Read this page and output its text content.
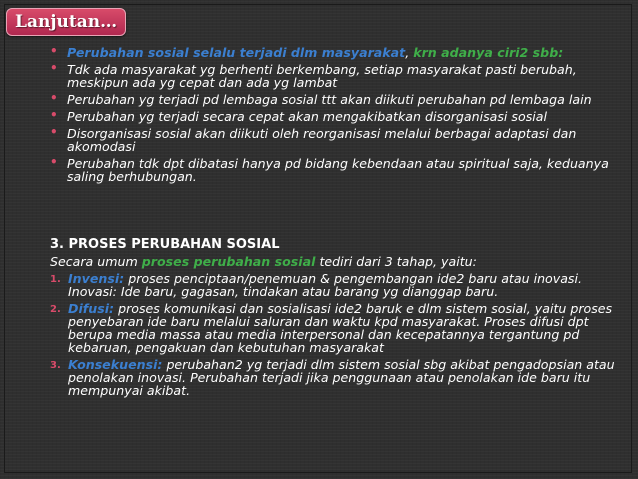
Lanjutan…
• Perubahan sosial selalu terjadi dlm masyarakat, krn adanya ciri2 sbb:
• Tdk ada masyarakat yg berhenti berkembang, setiap masyarakat pasti berubah, meskipun ada yg cepat dan ada yg lambat
• Perubahan yg terjadi pd lembaga sosial ttt akan diikuti perubahan pd lembaga lain
• Perubahan yg terjadi secara cepat akan mengakibatkan disorganisasi sosial
• Disorganisasi sosial akan diikuti oleh reorganisasi melalui berbagai adaptasi dan akomodasi
• Perubahan tdk dpt dibatasi hanya pd bidang kebendaan atau spiritual saja, keduanya saling berhubungan.
3. PROSES PERUBAHAN SOSIAL
Secara umum proses perubahan sosial tediri dari 3 tahap, yaitu:
1. Invensi: proses penciptaan/penemuan & pengembangan ide2 baru atau inovasi. Inovasi: Ide baru, gagasan, tindakan atau barang yg dianggap baru.
2. Difusi: proses komunikasi dan sosialisasi ide2 baruk e dlm sistem sosial, yaitu proses penyebaran ide baru melalui saluran dan waktu kpd masyarakat. Proses difusi dpt berupa media massa atau media interpersonal dan kecepatannya tergantung pd kebaruan, pengakuan dan kebutuhan masyarakat
3. Konsekuensi: perubahan2 yg terjadi dlm sistem sosial sbg akibat pengadopsian atau penolakan inovasi. Perubahan terjadi jika penggunaan atau penolakan ide baru itu mempunyai akibat.
